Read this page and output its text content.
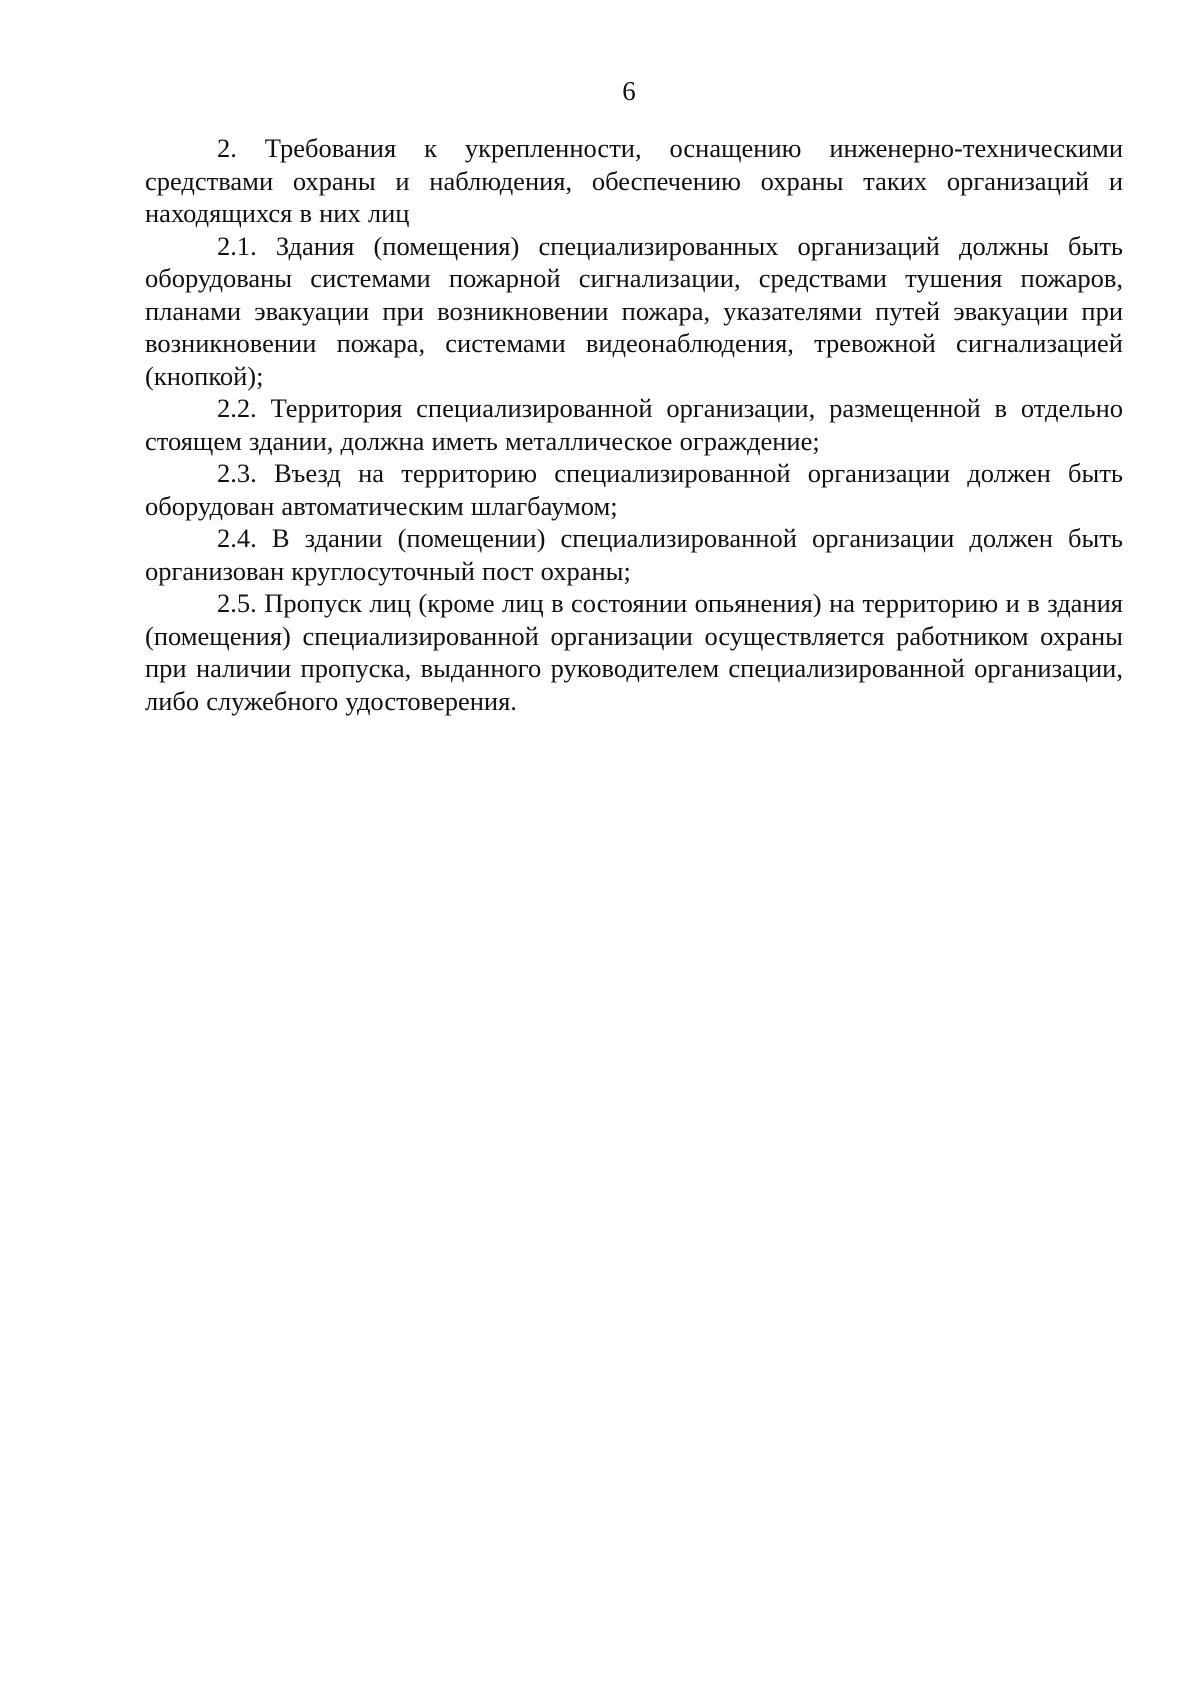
6

2. Требования к укрепленности, оснащению инженерно-техническими средствами охраны и наблюдения, обеспечению охраны таких организаций и находящихся в них лиц

2.1. Здания (помещения) специализированных организаций должны быть оборудованы системами пожарной сигнализации, средствами тушения пожаров, планами эвакуации при возникновении пожара, указателями путей эвакуации при возникновении пожара, системами видеонаблюдения, тревожной сигнализацией (кнопкой);

2.2. Территория специализированной организации, размещенной в отдельно стоящем здании, должна иметь металлическое ограждение;

2.3. Въезд на территорию специализированной организации должен быть оборудован автоматическим шлагбаумом;

2.4. В здании (помещении) специализированной организации должен быть организован круглосуточный пост охраны;

2.5. Пропуск лиц (кроме лиц в состоянии опьянения) на территорию и в здания (помещения) специализированной организации осуществляется работником охраны при наличии пропуска, выданного руководителем специализированной организации, либо служебного удостоверения.
